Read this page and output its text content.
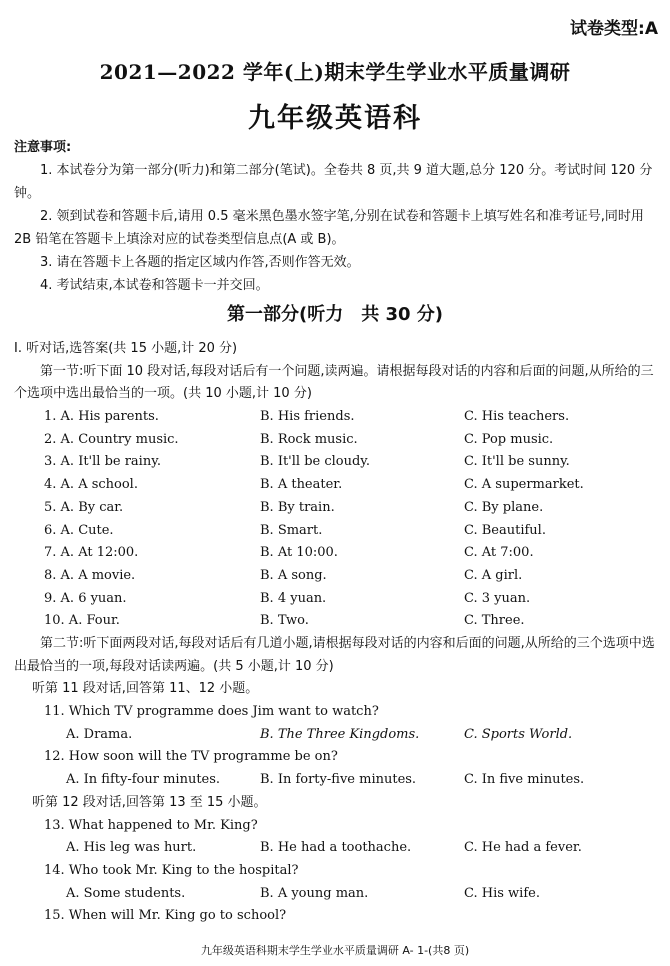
试卷类型:A
2021—2022 学年(上)期末学生学业水平质量调研
九年级英语科
注意事项:
1. 本试卷分为第一部分(听力)和第二部分(笔试)。全卷共 8 页,共 9 道大题,总分 120 分。考试时间 120 分钟。
2. 领到试卷和答题卡后,请用 0.5 毫米黑色墨水签字笔,分别在试卷和答题卡上填写姓名和准考证号,同时用 2B 铅笔在答题卡上填涂对应的试卷类型信息点(A 或 B)。
3. 请在答题卡上各题的指定区域内作答,否则作答无效。
4. 考试结束,本试卷和答题卡一并交回。
第一部分(听力　共 30 分)
Ⅰ. 听对话,选答案(共 15 小题,计 20 分)
第一节:听下面 10 段对话,每段对话后有一个问题,读两遍。请根据每段对话的内容和后面的问题,从所给的三个选项中选出最恰当的一项。(共 10 小题,计 10 分)
1. A. His parents.	B. His friends.	C. His teachers.
2. A. Country music.	B. Rock music.	C. Pop music.
3. A. It'll be rainy.	B. It'll be cloudy.	C. It'll be sunny.
4. A. A school.	B. A theater.	C. A supermarket.
5. A. By car.	B. By train.	C. By plane.
6. A. Cute.	B. Smart.	C. Beautiful.
7. A. At 12:00.	B. At 10:00.	C. At 7:00.
8. A. A movie.	B. A song.	C. A girl.
9. A. 6 yuan.	B. 4 yuan.	C. 3 yuan.
10. A. Four.	B. Two.	C. Three.
第二节:听下面两段对话,每段对话后有几道小题,请根据每段对话的内容和后面的问题,从所给的三个选项中选出最恰当的一项,每段对话读两遍。(共 5 小题,计 10 分)
听第 11 段对话,回答第 11、12 小题。
11. Which TV programme does Jim want to watch?
A. Drama.	B. The Three Kingdoms.	C. Sports World.
12. How soon will the TV programme be on?
A. In fifty-four minutes.	B. In forty-five minutes.	C. In five minutes.
听第 12 段对话,回答第 13 至 15 小题。
13. What happened to Mr. King?
A. His leg was hurt.	B. He had a toothache.	C. He had a fever.
14. Who took Mr. King to the hospital?
A. Some students.	B. A young man.	C. His wife.
15. When will Mr. King go to school?
九年级英语科期末学生学业水平质量调研 A- 1-(共8 页)
